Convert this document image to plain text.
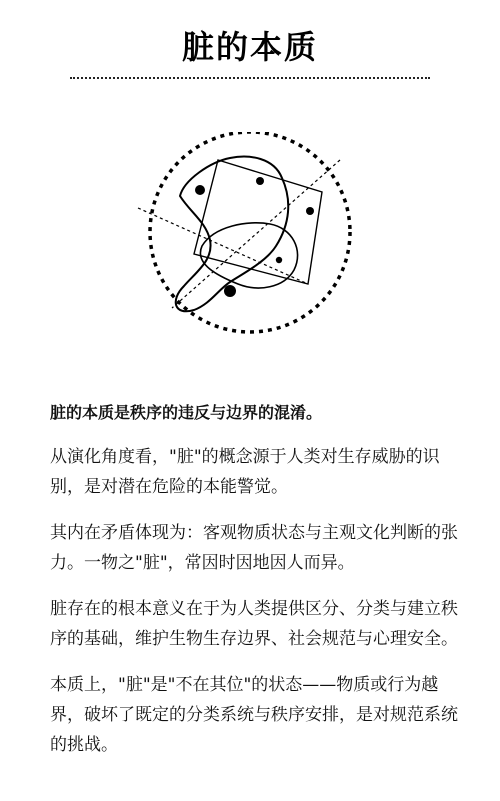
脏的本质

脏的本质是秩序的违反与边界的混淆。

从演化角度看，"脏"的概念源于人类对生存威胁的识别，是对潜在危险的本能警觉。

其内在矛盾体现为：客观物质状态与主观文化判断的张力。一物之"脏"，常因时因地因人而异。

脏存在的根本意义在于为人类提供区分、分类与建立秩序的基础，维护生物生存边界、社会规范与心理安全。

本质上，"脏"是"不在其位"的状态——物质或行为越界，破坏了既定的分类系统与秩序安排，是对规范系统的挑战。
